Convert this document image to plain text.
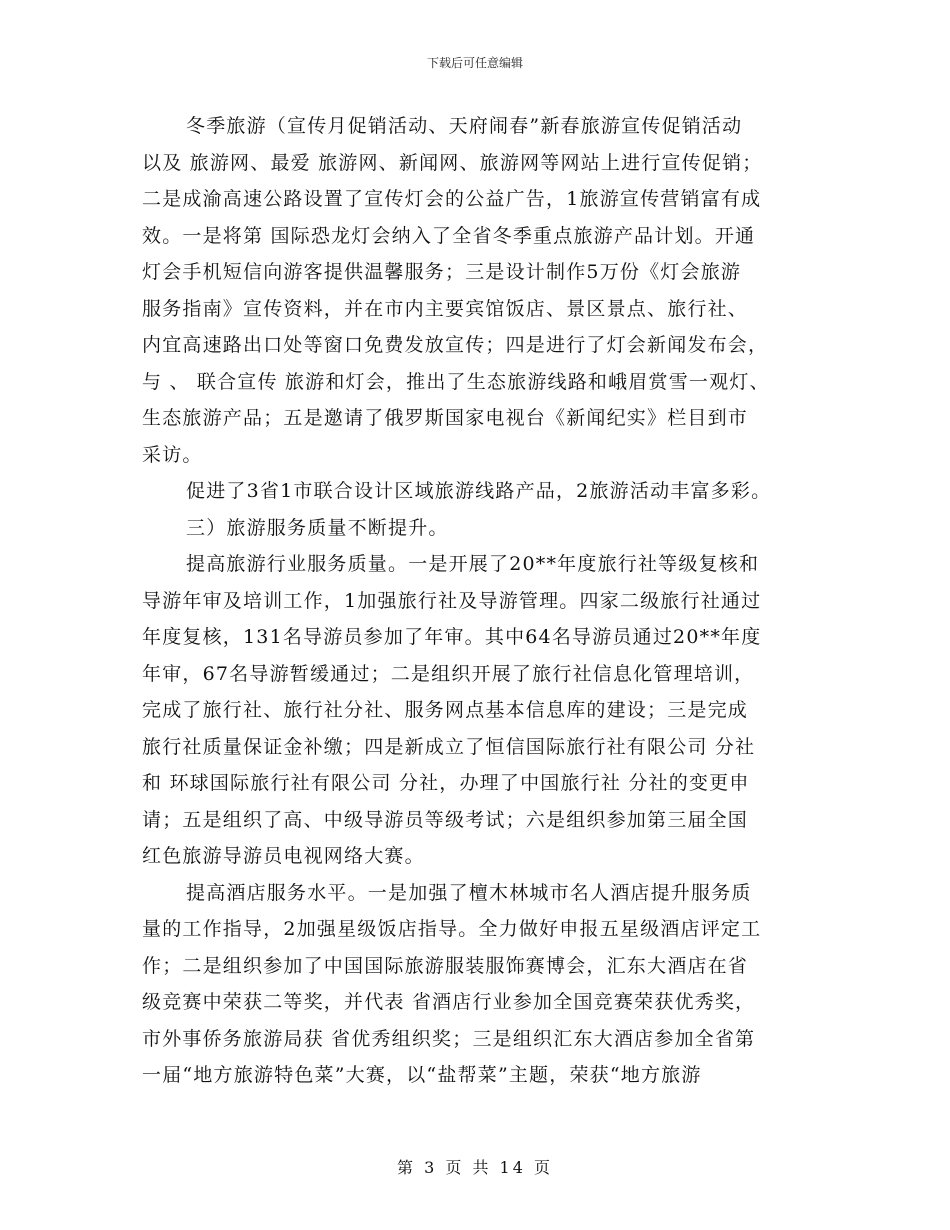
下载后可任意编辑
冬季旅游（宣传月促销活动、天府闹春”新春旅游宣传促销活动
以及 旅游网、最爱 旅游网、新闻网、旅游网等网站上进行宣传促销；
二是成渝高速公路设置了宣传灯会的公益广告，1旅游宣传营销富有成
效。一是将第 国际恐龙灯会纳入了全省冬季重点旅游产品计划。开通
灯会手机短信向游客提供温馨服务；三是设计制作5万份《灯会旅游
服务指南》宣传资料，并在市内主要宾馆饭店、景区景点、旅行社、
内宜高速路出口处等窗口免费发放宣传；四是进行了灯会新闻发布会，
与 、 联合宣传 旅游和灯会，推出了生态旅游线路和峨眉赏雪一观灯、
生态旅游产品；五是邀请了俄罗斯国家电视台《新闻纪实》栏目到市
采访。
促进了3省1市联合设计区域旅游线路产品，2旅游活动丰富多彩。
三）旅游服务质量不断提升。
提高旅游行业服务质量。一是开展了20**年度旅行社等级复核和
导游年审及培训工作，1加强旅行社及导游管理。四家二级旅行社通过
年度复核，131名导游员参加了年审。其中64名导游员通过20**年度
年审，67名导游暂缓通过；二是组织开展了旅行社信息化管理培训，
完成了旅行社、旅行社分社、服务网点基本信息库的建设；三是完成
旅行社质量保证金补缴；四是新成立了恒信国际旅行社有限公司 分社
和 环球国际旅行社有限公司 分社，办理了中国旅行社 分社的变更申
请；五是组织了高、中级导游员等级考试；六是组织参加第三届全国
红色旅游导游员电视网络大赛。
提高酒店服务水平。一是加强了檀木林城市名人酒店提升服务质
量的工作指导，2加强星级饭店指导。全力做好申报五星级酒店评定工
作；二是组织参加了中国国际旅游服装服饰赛博会，汇东大酒店在省
级竞赛中荣获二等奖，并代表 省酒店行业参加全国竞赛荣获优秀奖，
市外事侨务旅游局获 省优秀组织奖；三是组织汇东大酒店参加全省第
一届“地方旅游特色菜”大赛，以“盐帮菜”主题，荣获“地方旅游
第 3 页 共 14 页
